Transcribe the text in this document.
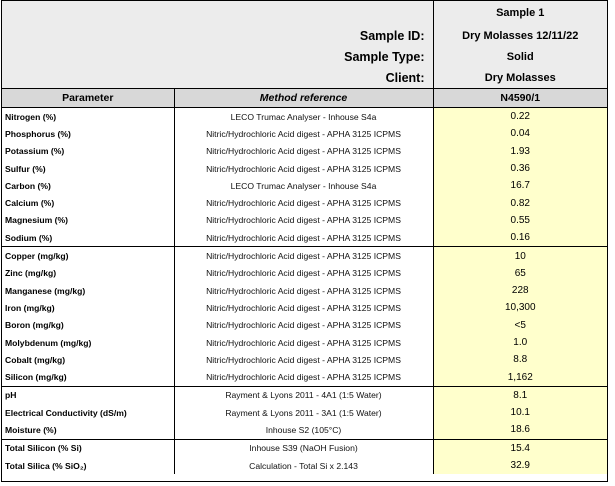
	Sample 1
Sample ID:	Dry Molasses 12/11/22
Sample Type:	Solid
Client:	Dry Molasses
Parameter	Method reference	N4590/1
Nitrogen (%)	LECO Trumac Analyser - Inhouse S4a	0.22
Phosphorus (%)	Nitric/Hydrochloric Acid digest - APHA 3125 ICPMS	0.04
Potassium (%)	Nitric/Hydrochloric Acid digest - APHA 3125 ICPMS	1.93
Sulfur (%)	Nitric/Hydrochloric Acid digest - APHA 3125 ICPMS	0.36
Carbon (%)	LECO Trumac Analyser - Inhouse S4a	16.7
Calcium (%)	Nitric/Hydrochloric Acid digest - APHA 3125 ICPMS	0.82
Magnesium (%)	Nitric/Hydrochloric Acid digest - APHA 3125 ICPMS	0.55
Sodium (%)	Nitric/Hydrochloric Acid digest - APHA 3125 ICPMS	0.16
Copper (mg/kg)	Nitric/Hydrochloric Acid digest - APHA 3125 ICPMS	10
Zinc (mg/kg)	Nitric/Hydrochloric Acid digest - APHA 3125 ICPMS	65
Manganese (mg/kg)	Nitric/Hydrochloric Acid digest - APHA 3125 ICPMS	228
Iron (mg/kg)	Nitric/Hydrochloric Acid digest - APHA 3125 ICPMS	10,300
Boron (mg/kg)	Nitric/Hydrochloric Acid digest - APHA 3125 ICPMS	<5
Molybdenum (mg/kg)	Nitric/Hydrochloric Acid digest - APHA 3125 ICPMS	1.0
Cobalt (mg/kg)	Nitric/Hydrochloric Acid digest - APHA 3125 ICPMS	8.8
Silicon (mg/kg)	Nitric/Hydrochloric Acid digest - APHA 3125 ICPMS	1,162
pH	Rayment & Lyons 2011 - 4A1 (1:5 Water)	8.1
Electrical Conductivity (dS/m)	Rayment & Lyons 2011 - 3A1 (1:5 Water)	10.1
Moisture (%)	Inhouse S2 (105°C)	18.6
Total Silicon (% Si)	Inhouse S39 (NaOH Fusion)	15.4
Total Silica (% SiO₂)	Calculation - Total Si x 2.143	32.9
